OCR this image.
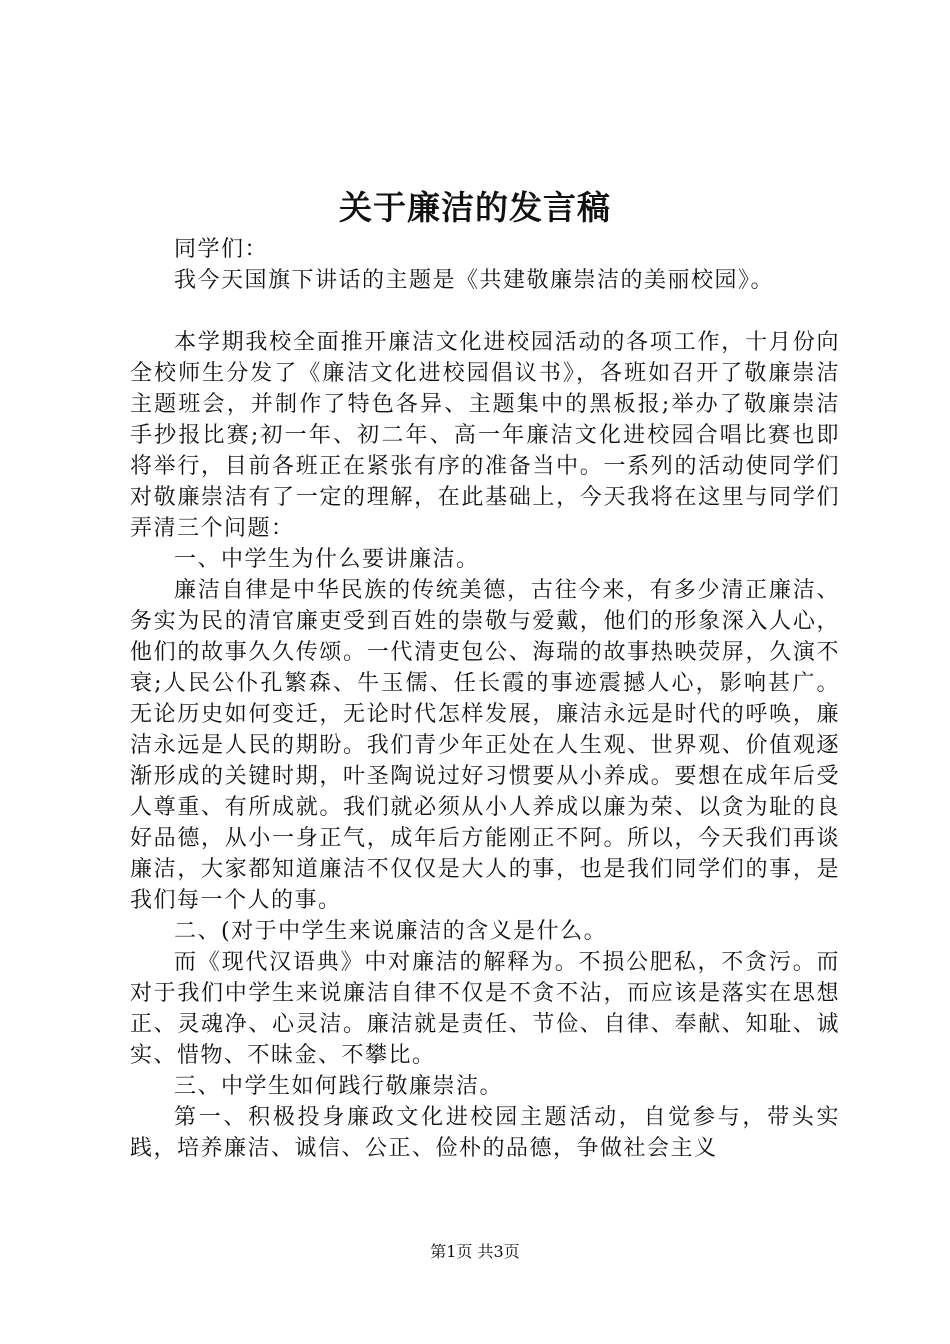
关于廉洁的发言稿

同学们：

我今天国旗下讲话的主题是《共建敬廉崇洁的美丽校园》。

本学期我校全面推开廉洁文化进校园活动的各项工作，十月份向全校师生分发了《廉洁文化进校园倡议书》，各班如召开了敬廉崇洁主题班会，并制作了特色各异、主题集中的黑板报;举办了敬廉崇洁手抄报比赛;初一年、初二年、高一年廉洁文化进校园合唱比赛也即将举行，目前各班正在紧张有序的准备当中。一系列的活动使同学们对敬廉崇洁有了一定的理解，在此基础上，今天我将在这里与同学们弄清三个问题：

一、中学生为什么要讲廉洁。

廉洁自律是中华民族的传统美德，古往今来，有多少清正廉洁、务实为民的清官廉吏受到百姓的崇敬与爱戴，他们的形象深入人心，他们的故事久久传颂。一代清吏包公、海瑞的故事热映荧屏，久演不衰;人民公仆孔繁森、牛玉儒、任长霞的事迹震撼人心，影响甚广。无论历史如何变迁，无论时代怎样发展，廉洁永远是时代的呼唤，廉洁永远是人民的期盼。我们青少年正处在人生观、世界观、价值观逐渐形成的关键时期，叶圣陶说过好习惯要从小养成。要想在成年后受人尊重、有所成就。我们就必须从小人养成以廉为荣、以贪为耻的良好品德，从小一身正气，成年后方能刚正不阿。所以，今天我们再谈廉洁，大家都知道廉洁不仅仅是大人的事，也是我们同学们的事，是我们每一个人的事。

二、(对于中学生来说廉洁的含义是什么。

而《现代汉语典》中对廉洁的解释为。不损公肥私，不贪污。而对于我们中学生来说廉洁自律不仅是不贪不沾，而应该是落实在思想正、灵魂净、心灵洁。廉洁就是责任、节俭、自律、奉献、知耻、诚实、惜物、不昧金、不攀比。

三、中学生如何践行敬廉崇洁。

第一、积极投身廉政文化进校园主题活动，自觉参与，带头实践，培养廉洁、诚信、公正、俭朴的品德，争做社会主义

第1页 共3页
